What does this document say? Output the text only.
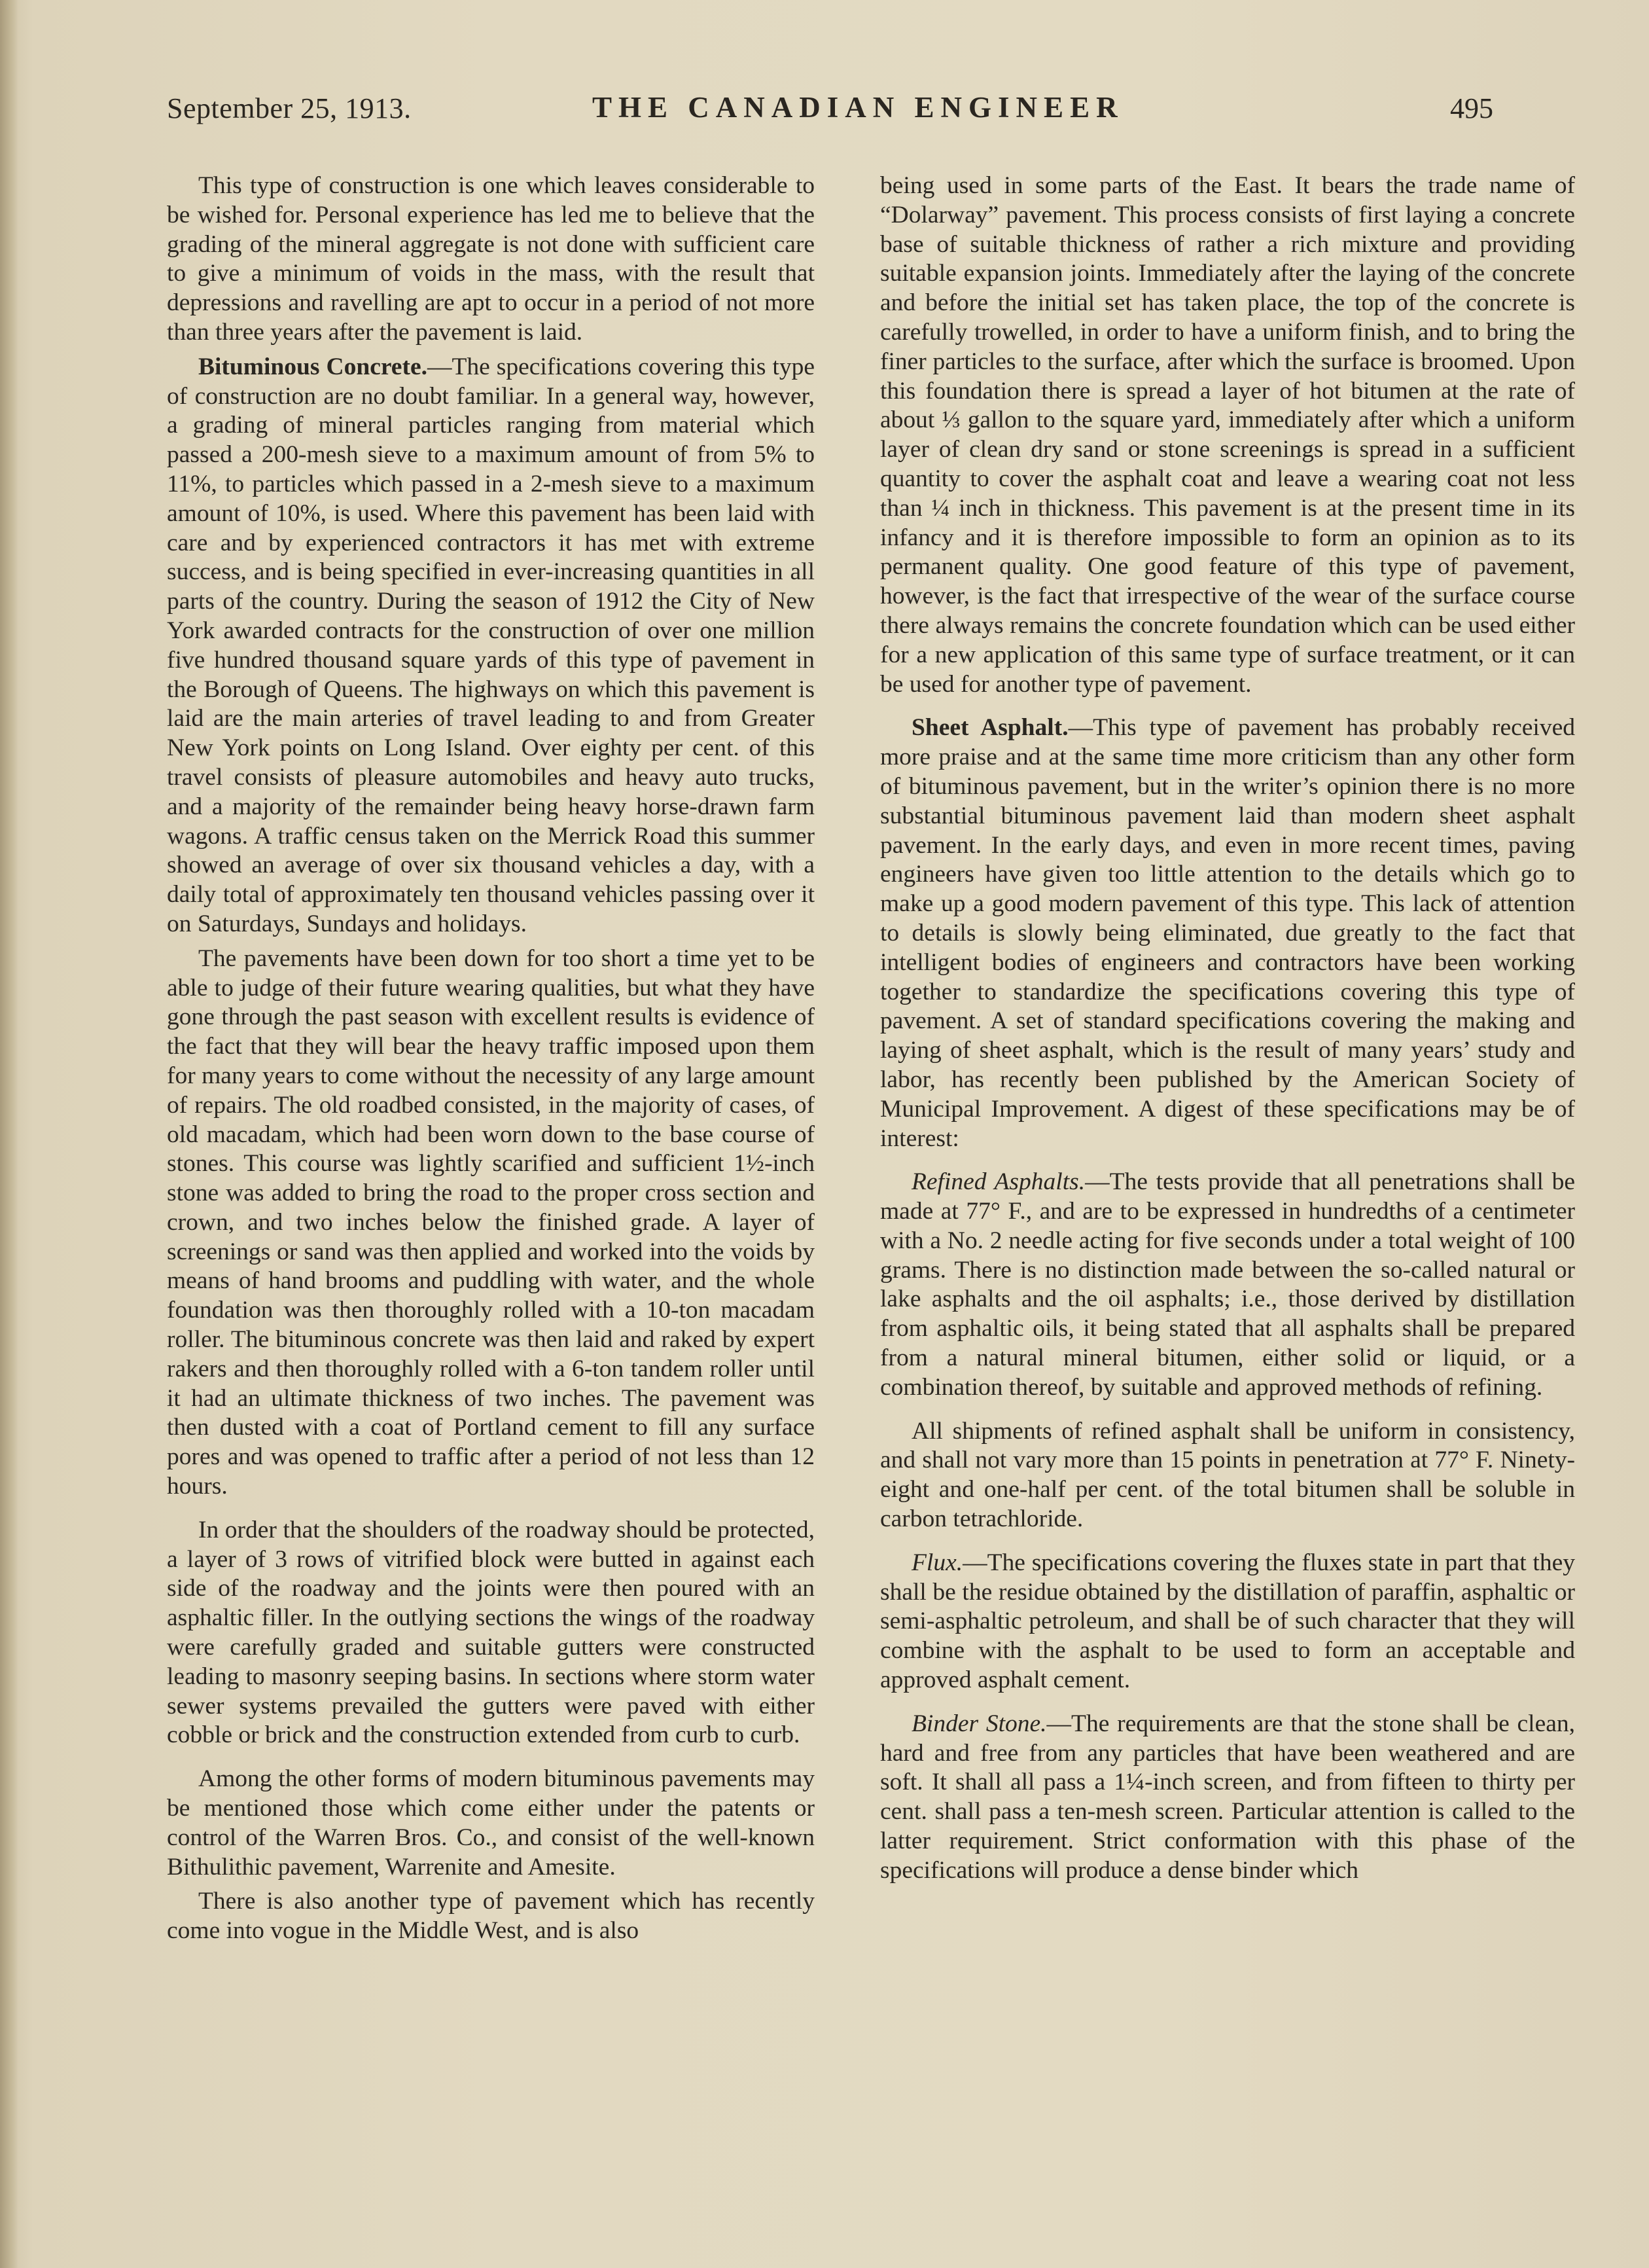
September 25, 1913.	THE CANADIAN ENGINEER	495

This type of construction is one which leaves considerable to be wished for. Personal experience has led me to believe that the grading of the mineral aggregate is not done with sufficient care to give a minimum of voids in the mass, with the result that depressions and ravelling are apt to occur in a period of not more than three years after the pavement is laid.

Bituminous Concrete.—The specifications covering this type of construction are no doubt familiar. In a general way, however, a grading of mineral particles ranging from material which passed a 200-mesh sieve to a maximum amount of from 5% to 11%, to particles which passed in a 2-mesh sieve to a maximum amount of 10%, is used. Where this pavement has been laid with care and by experienced contractors it has met with extreme success, and is being specified in ever-increasing quantities in all parts of the country. During the season of 1912 the City of New York awarded contracts for the construction of over one million five hundred thousand square yards of this type of pavement in the Borough of Queens. The highways on which this pavement is laid are the main arteries of travel leading to and from Greater New York points on Long Island. Over eighty per cent. of this travel consists of pleasure automobiles and heavy auto trucks, and a majority of the remainder being heavy horse-drawn farm wagons. A traffic census taken on the Merrick Road this summer showed an average of over six thousand vehicles a day, with a daily total of approximately ten thousand vehicles passing over it on Saturdays, Sundays and holidays.

The pavements have been down for too short a time yet to be able to judge of their future wearing qualities, but what they have gone through the past season with excellent results is evidence of the fact that they will bear the heavy traffic imposed upon them for many years to come without the necessity of any large amount of repairs. The old roadbed consisted, in the majority of cases, of old macadam, which had been worn down to the base course of stones. This course was lightly scarified and sufficient 1½-inch stone was added to bring the road to the proper cross section and crown, and two inches below the finished grade. A layer of screenings or sand was then applied and worked into the voids by means of hand brooms and puddling with water, and the whole foundation was then thoroughly rolled with a 10-ton macadam roller. The bituminous concrete was then laid and raked by expert rakers and then thoroughly rolled with a 6-ton tandem roller until it had an ultimate thickness of two inches. The pavement was then dusted with a coat of Portland cement to fill any surface pores and was opened to traffic after a period of not less than 12 hours.

In order that the shoulders of the roadway should be protected, a layer of 3 rows of vitrified block were butted in against each side of the roadway and the joints were then poured with an asphaltic filler. In the outlying sections the wings of the roadway were carefully graded and suitable gutters were constructed leading to masonry seeping basins. In sections where storm water sewer systems prevailed the gutters were paved with either cobble or brick and the construction extended from curb to curb.

Among the other forms of modern bituminous pavements may be mentioned those which come either under the patents or control of the Warren Bros. Co., and consist of the well-known Bithulithic pavement, Warrenite and Amesite.

There is also another type of pavement which has recently come into vogue in the Middle West, and is also

being used in some parts of the East. It bears the trade name of “Dolarway” pavement. This process consists of first laying a concrete base of suitable thickness of rather a rich mixture and providing suitable expansion joints. Immediately after the laying of the concrete and before the initial set has taken place, the top of the concrete is carefully trowelled, in order to have a uniform finish, and to bring the finer particles to the surface, after which the surface is broomed. Upon this foundation there is spread a layer of hot bitumen at the rate of about ⅓ gallon to the square yard, immediately after which a uniform layer of clean dry sand or stone screenings is spread in a sufficient quantity to cover the asphalt coat and leave a wearing coat not less than ¼ inch in thickness. This pavement is at the present time in its infancy and it is therefore impossible to form an opinion as to its permanent quality. One good feature of this type of pavement, however, is the fact that irrespective of the wear of the surface course there always remains the concrete foundation which can be used either for a new application of this same type of surface treatment, or it can be used for another type of pavement.

Sheet Asphalt.—This type of pavement has probably received more praise and at the same time more criticism than any other form of bituminous pavement, but in the writer’s opinion there is no more substantial bituminous pavement laid than modern sheet asphalt pavement. In the early days, and even in more recent times, paving engineers have given too little attention to the details which go to make up a good modern pavement of this type. This lack of attention to details is slowly being eliminated, due greatly to the fact that intelligent bodies of engineers and contractors have been working together to standardize the specifications covering this type of pavement. A set of standard specifications covering the making and laying of sheet asphalt, which is the result of many years’ study and labor, has recently been published by the American Society of Municipal Improvement. A digest of these specifications may be of interest:

Refined Asphalts.—The tests provide that all penetrations shall be made at 77° F., and are to be expressed in hundredths of a centimeter with a No. 2 needle acting for five seconds under a total weight of 100 grams. There is no distinction made between the so-called natural or lake asphalts and the oil asphalts; i.e., those derived by distillation from asphaltic oils, it being stated that all asphalts shall be prepared from a natural mineral bitumen, either solid or liquid, or a combination thereof, by suitable and approved methods of refining.

All shipments of refined asphalt shall be uniform in consistency, and shall not vary more than 15 points in penetration at 77° F. Ninety-eight and one-half per cent. of the total bitumen shall be soluble in carbon tetrachloride.

Flux.—The specifications covering the fluxes state in part that they shall be the residue obtained by the distillation of paraffin, asphaltic or semi-asphaltic petroleum, and shall be of such character that they will combine with the asphalt to be used to form an acceptable and approved asphalt cement.

Binder Stone.—The requirements are that the stone shall be clean, hard and free from any particles that have been weathered and are soft. It shall all pass a 1¼-inch screen, and from fifteen to thirty per cent. shall pass a ten-mesh screen. Particular attention is called to the latter requirement. Strict conformation with this phase of the specifications will produce a dense binder which
